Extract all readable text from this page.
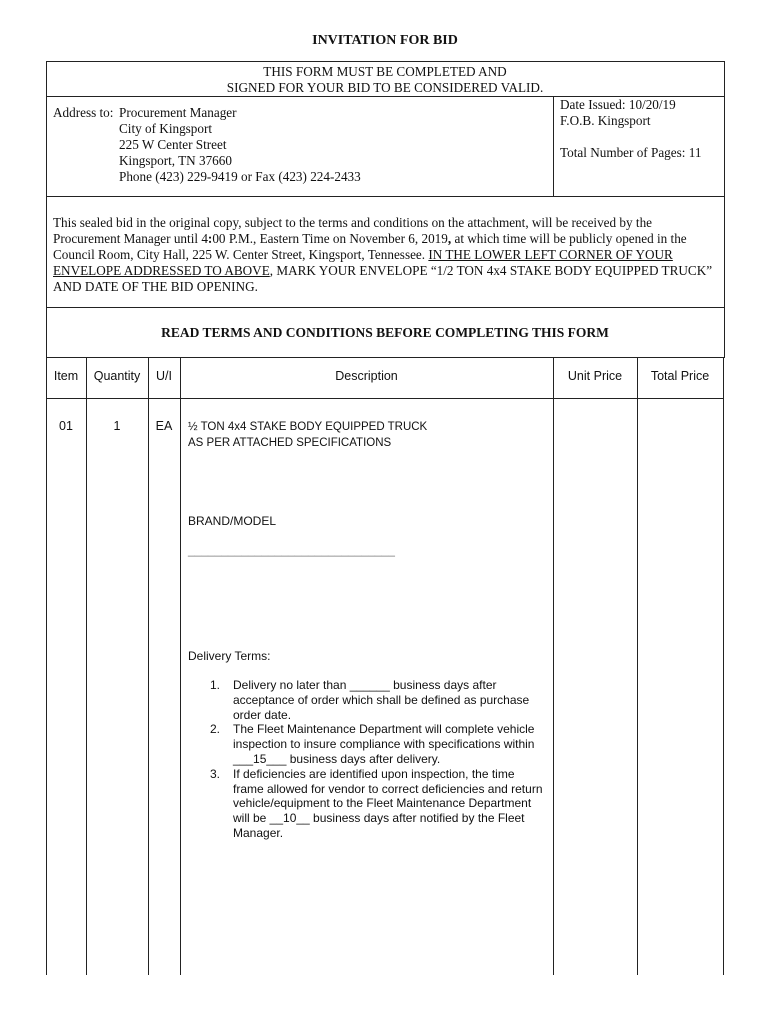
INVITATION FOR BID
THIS FORM MUST BE COMPLETED AND
SIGNED FOR YOUR BID TO BE CONSIDERED VALID.
Address to: Procurement Manager
City of Kingsport
225 W Center Street
Kingsport, TN 37660
Phone (423) 229-9419 or Fax (423) 224-2433
Date Issued: 10/20/19
F.O.B. Kingsport
Total Number of Pages: 11
This sealed bid in the original copy, subject to the terms and conditions on the attachment, will be received by the Procurement Manager until 4:00 P.M., Eastern Time on November 6, 2019, at which time will be publicly opened in the Council Room, City Hall, 225 W. Center Street, Kingsport, Tennessee. IN THE LOWER LEFT CORNER OF YOUR ENVELOPE ADDRESSED TO ABOVE, MARK YOUR ENVELOPE “1/2 TON 4x4 STAKE BODY EQUIPPED TRUCK” AND DATE OF THE BID OPENING.
READ TERMS AND CONDITIONS BEFORE COMPLETING THIS FORM
Item	Quantity	U/I	Description	Unit Price	Total Price
01	1	EA	½ TON 4x4 STAKE BODY EQUIPPED TRUCK
AS PER ATTACHED SPECIFICATIONS
BRAND/MODEL
_______________________________
Delivery Terms:
1. Delivery no later than ______ business days after acceptance of order which shall be defined as purchase order date.
2. The Fleet Maintenance Department will complete vehicle inspection to insure compliance with specifications within ___15___ business days after delivery.
3. If deficiencies are identified upon inspection, the time frame allowed for vendor to correct deficiencies and return vehicle/equipment to the Fleet Maintenance Department will be __10__ business days after notified by the Fleet Manager.
